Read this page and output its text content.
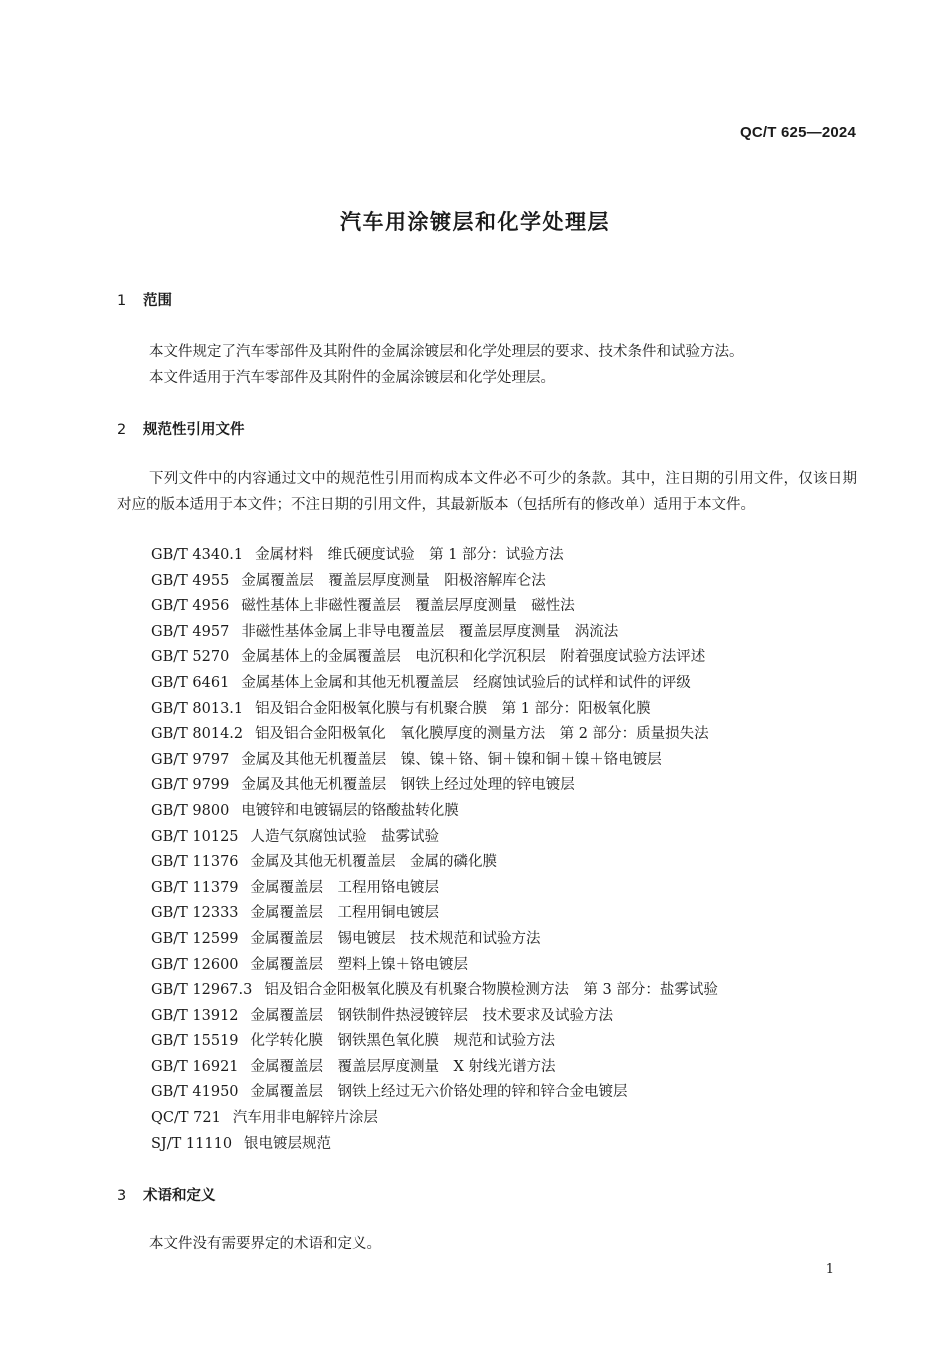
QC/T 625—2024
汽车用涂镀层和化学处理层
1 范围

本文件规定了汽车零部件及其附件的金属涂镀层和化学处理层的要求、技术条件和试验方法。

本文件适用于汽车零部件及其附件的金属涂镀层和化学处理层。

2 规范性引用文件

下列文件中的内容通过文中的规范性引用而构成本文件必不可少的条款。其中，注日期的引用文件，仅该日期对应的版本适用于本文件；不注日期的引用文件，其最新版本（包括所有的修改单）适用于本文件。

GB/T 4340.1 金属材料　维氏硬度试验　第 1 部分：试验方法
GB/T 4955 金属覆盖层　覆盖层厚度测量　阳极溶解库仑法
GB/T 4956 磁性基体上非磁性覆盖层　覆盖层厚度测量　磁性法
GB/T 4957 非磁性基体金属上非导电覆盖层　覆盖层厚度测量　涡流法
GB/T 5270 金属基体上的金属覆盖层　电沉积和化学沉积层　附着强度试验方法评述
GB/T 6461 金属基体上金属和其他无机覆盖层　经腐蚀试验后的试样和试件的评级
GB/T 8013.1 铝及铝合金阳极氧化膜与有机聚合膜　第 1 部分：阳极氧化膜
GB/T 8014.2 铝及铝合金阳极氧化　氧化膜厚度的测量方法　第 2 部分：质量损失法
GB/T 9797 金属及其他无机覆盖层　镍、镍＋铬、铜＋镍和铜＋镍＋铬电镀层
GB/T 9799 金属及其他无机覆盖层　钢铁上经过处理的锌电镀层
GB/T 9800 电镀锌和电镀镉层的铬酸盐转化膜
GB/T 10125 人造气氛腐蚀试验　盐雾试验
GB/T 11376 金属及其他无机覆盖层　金属的磷化膜
GB/T 11379 金属覆盖层　工程用铬电镀层
GB/T 12333 金属覆盖层　工程用铜电镀层
GB/T 12599 金属覆盖层　锡电镀层　技术规范和试验方法
GB/T 12600 金属覆盖层　塑料上镍＋铬电镀层
GB/T 12967.3 铝及铝合金阳极氧化膜及有机聚合物膜检测方法　第 3 部分：盐雾试验
GB/T 13912 金属覆盖层　钢铁制件热浸镀锌层　技术要求及试验方法
GB/T 15519 化学转化膜　钢铁黑色氧化膜　规范和试验方法
GB/T 16921 金属覆盖层　覆盖层厚度测量　X 射线光谱方法
GB/T 41950 金属覆盖层　钢铁上经过无六价铬处理的锌和锌合金电镀层
QC/T 721 汽车用非电解锌片涂层
SJ/T 11110 银电镀层规范
3 术语和定义

本文件没有需要界定的术语和定义。

1
